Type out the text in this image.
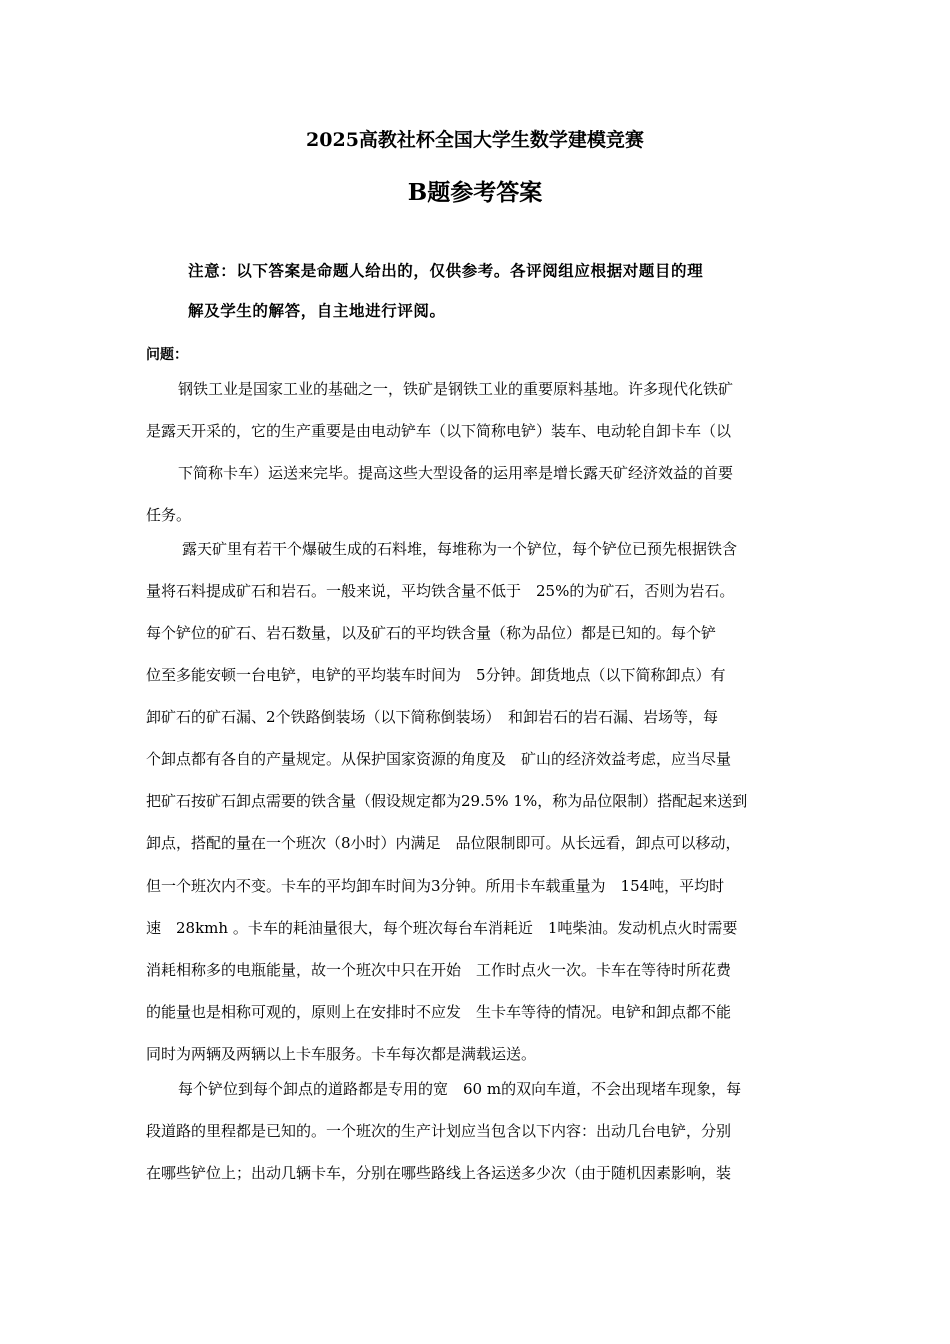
2025高教社杯全国大学生数学建模竞赛
B题参考答案
注意：以下答案是命题人给出的，仅供参考。各评阅组应根据对题目的理
解及学生的解答，自主地进行评阅。
问题：
钢铁工业是国家工业的基础之一，铁矿是钢铁工业的重要原料基地。许多现代化铁矿
是露天开采的，它的生产重要是由电动铲车（以下简称电铲）装车、电动轮自卸卡车（以
下简称卡车）运送来完毕。提高这些大型设备的运用率是增长露天矿经济效益的首要
任务。
露天矿里有若干个爆破生成的石料堆，每堆称为一个铲位，每个铲位已预先根据铁含
量将石料提成矿石和岩石。一般来说，平均铁含量不低于　25%的为矿石，否则为岩石。
每个铲位的矿石、岩石数量，以及矿石的平均铁含量（称为品位）都是已知的。每个铲
位至多能安顿一台电铲，电铲的平均装车时间为　5分钟。卸货地点（以下简称卸点）有
卸矿石的矿石漏、2个铁路倒装场（以下简称倒装场）　和卸岩石的岩石漏、岩场等，每
个卸点都有各自的产量规定。从保护国家资源的角度及　矿山的经济效益考虑，应当尽量
把矿石按矿石卸点需要的铁含量（假设规定都为29.5% 1%，称为品位限制）搭配起来送到
卸点，搭配的量在一个班次（8小时）内满足　品位限制即可。从长远看，卸点可以移动，
但一个班次内不变。卡车的平均卸车时间为3分钟。所用卡车载重量为　154吨，平均时
速　28kmh 。卡车的耗油量很大，每个班次每台车消耗近　1吨柴油。发动机点火时需要
消耗相称多的电瓶能量，故一个班次中只在开始　工作时点火一次。卡车在等待时所花费
的能量也是相称可观的，原则上在安排时不应发　生卡车等待的情况。电铲和卸点都不能
同时为两辆及两辆以上卡车服务。卡车每次都是满载运送。
每个铲位到每个卸点的道路都是专用的宽　60 m的双向车道，不会出现堵车现象，每
段道路的里程都是已知的。一个班次的生产计划应当包含以下内容：出动几台电铲，分别
在哪些铲位上；出动几辆卡车，分别在哪些路线上各运送多少次（由于随机因素影响，装
